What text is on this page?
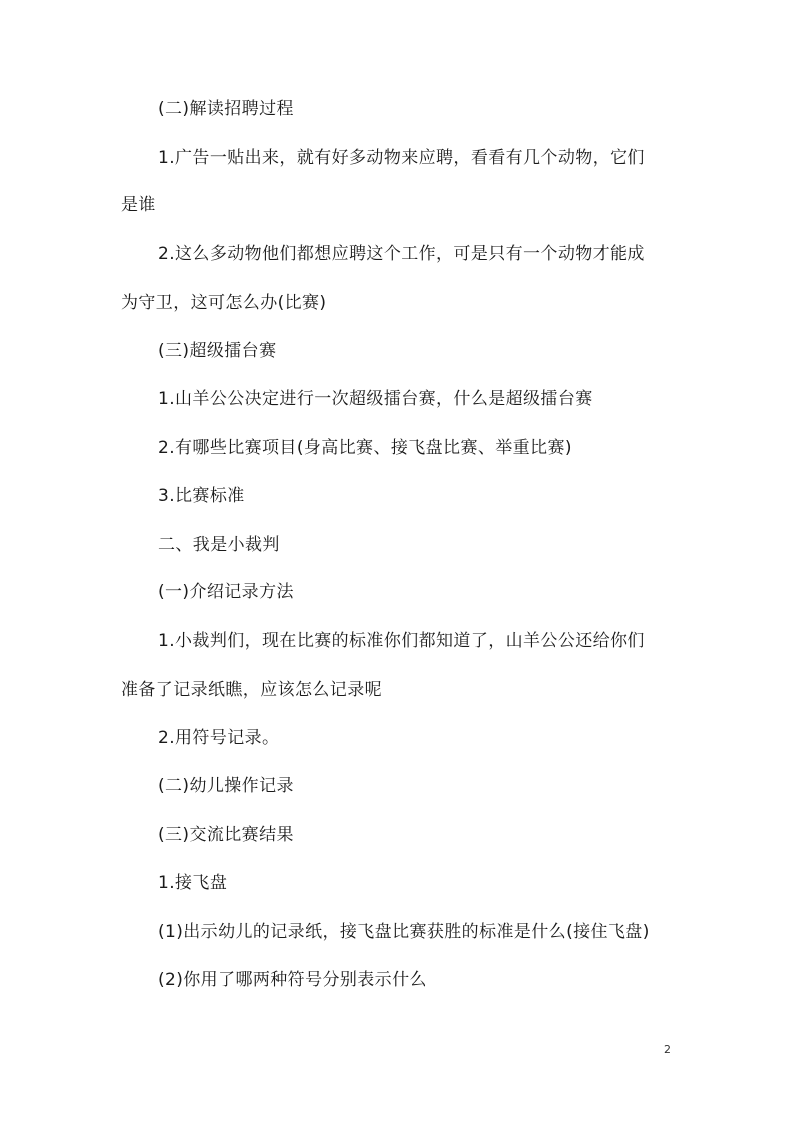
(二)解读招聘过程
1.广告一贴出来，就有好多动物来应聘，看看有几个动物，它们
是谁
2.这么多动物他们都想应聘这个工作，可是只有一个动物才能成
为守卫，这可怎么办(比赛)
(三)超级擂台赛
1.山羊公公决定进行一次超级擂台赛，什么是超级擂台赛
2.有哪些比赛项目(身高比赛、接飞盘比赛、举重比赛)
3.比赛标准
二、我是小裁判
(一)介绍记录方法
1.小裁判们，现在比赛的标准你们都知道了，山羊公公还给你们
准备了记录纸瞧，应该怎么记录呢
2.用符号记录。
(二)幼儿操作记录
(三)交流比赛结果
1.接飞盘
(1)出示幼儿的记录纸，接飞盘比赛获胜的标准是什么(接住飞盘)
(2)你用了哪两种符号分别表示什么
2
